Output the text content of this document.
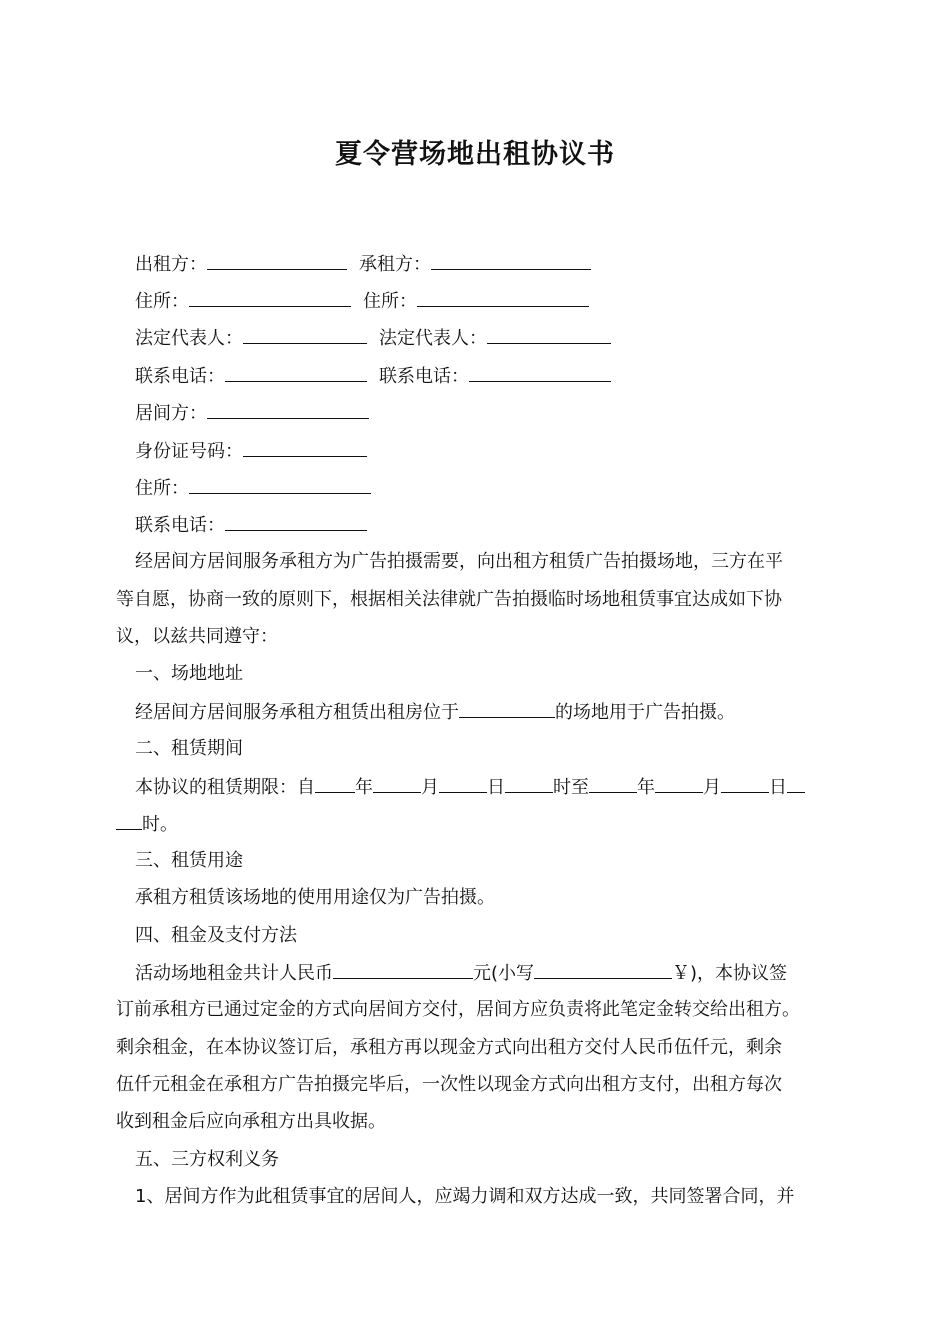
夏令营场地出租协议书
出租方：	承租方：
住所：	住所：
法定代表人：	法定代表人：
联系电话：	联系电话：
居间方：
身份证号码：
住所：
联系电话：
经居间方居间服务承租方为广告拍摄需要，向出租方租赁广告拍摄场地，三方在平
等自愿，协商一致的原则下，根据相关法律就广告拍摄临时场地租赁事宜达成如下协
议，以兹共同遵守：
一、场地地址
经居间方居间服务承租方租赁出租房位于	的场地用于广告拍摄。
二、租赁期间
本协议的租赁期限：自 年	月	日	时至	年	月	日
时。
三、租赁用途
承租方租赁该场地的使用用途仅为广告拍摄。
四、租金及支付方法
活动场地租金共计人民币	元(小写	￥)，本协议签
订前承租方已通过定金的方式向居间方交付，居间方应负责将此笔定金转交给出租方。
剩余租金，在本协议签订后，承租方再以现金方式向出租方交付人民币伍仟元，剩余
伍仟元租金在承租方广告拍摄完毕后，一次性以现金方式向出租方支付，出租方每次
收到租金后应向承租方出具收据。
五、三方权利义务
1、居间方作为此租赁事宜的居间人，应竭力调和双方达成一致，共同签署合同，并
